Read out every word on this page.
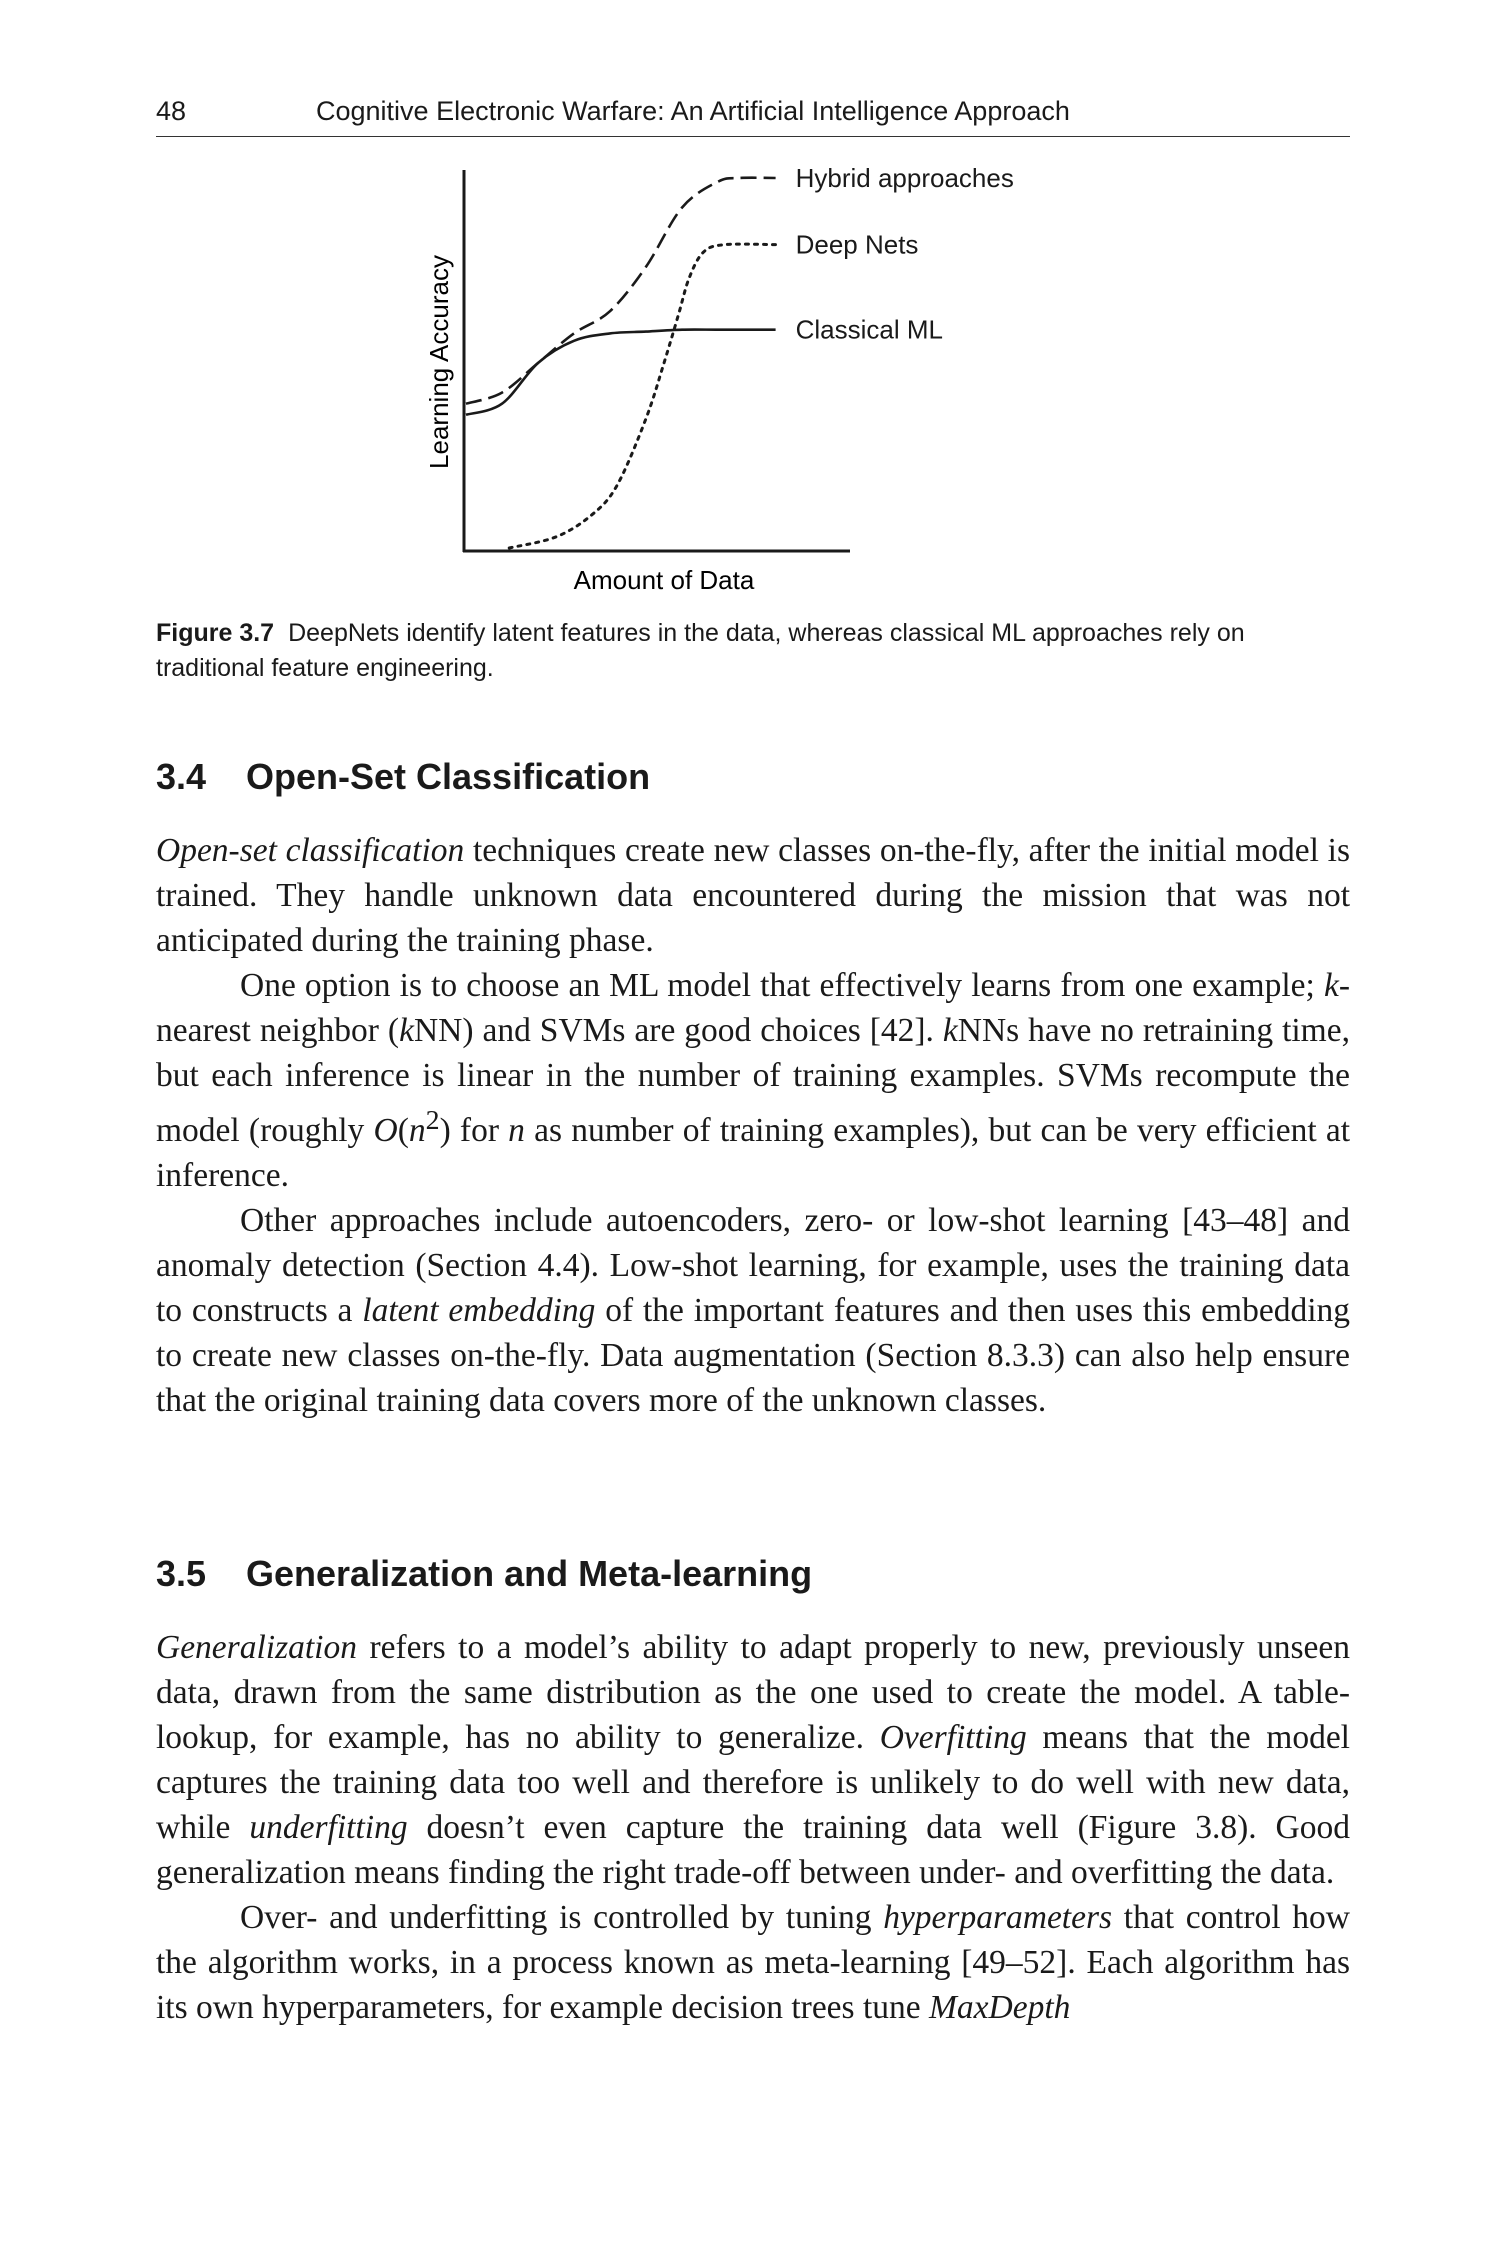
48	Cognitive Electronic Warfare: An Artificial Intelligence Approach
Learning Accuracy
Amount of Data
Hybrid approaches
Deep Nets
Classical ML
Figure 3.7 DeepNets identify latent features in the data, whereas classical ML approaches rely on traditional feature engineering.
3.4 Open-Set Classification

Open-set classification techniques create new classes on-the-fly, after the initial model is trained. They handle unknown data encountered during the mission that was not anticipated during the training phase.

One option is to choose an ML model that effectively learns from one example; k-nearest neighbor (kNN) and SVMs are good choices [42]. kNNs have no retraining time, but each inference is linear in the number of training examples. SVMs recompute the model (roughly $O(n^2)$ for n as number of training examples), but can be very efficient at inference.

Other approaches include autoencoders, zero- or low-shot learning [43–48] and anomaly detection (Section 4.4). Low-shot learning, for example, uses the training data to constructs a latent embedding of the important features and then uses this embedding to create new classes on-the-fly. Data augmentation (Section 8.3.3) can also help ensure that the original training data covers more of the unknown classes.

3.5 Generalization and Meta-learning

Generalization refers to a model’s ability to adapt properly to new, previously unseen data, drawn from the same distribution as the one used to create the model. A table-lookup, for example, has no ability to generalize. Overfitting means that the model captures the training data too well and therefore is unlikely to do well with new data, while underfitting doesn’t even capture the training data well (Figure 3.8). Good generalization means finding the right trade-off between under- and overfitting the data.

Over- and underfitting is controlled by tuning hyperparameters that control how the algorithm works, in a process known as meta-learning [49–52]. Each algorithm has its own hyperparameters, for example decision trees tune MaxDepth
